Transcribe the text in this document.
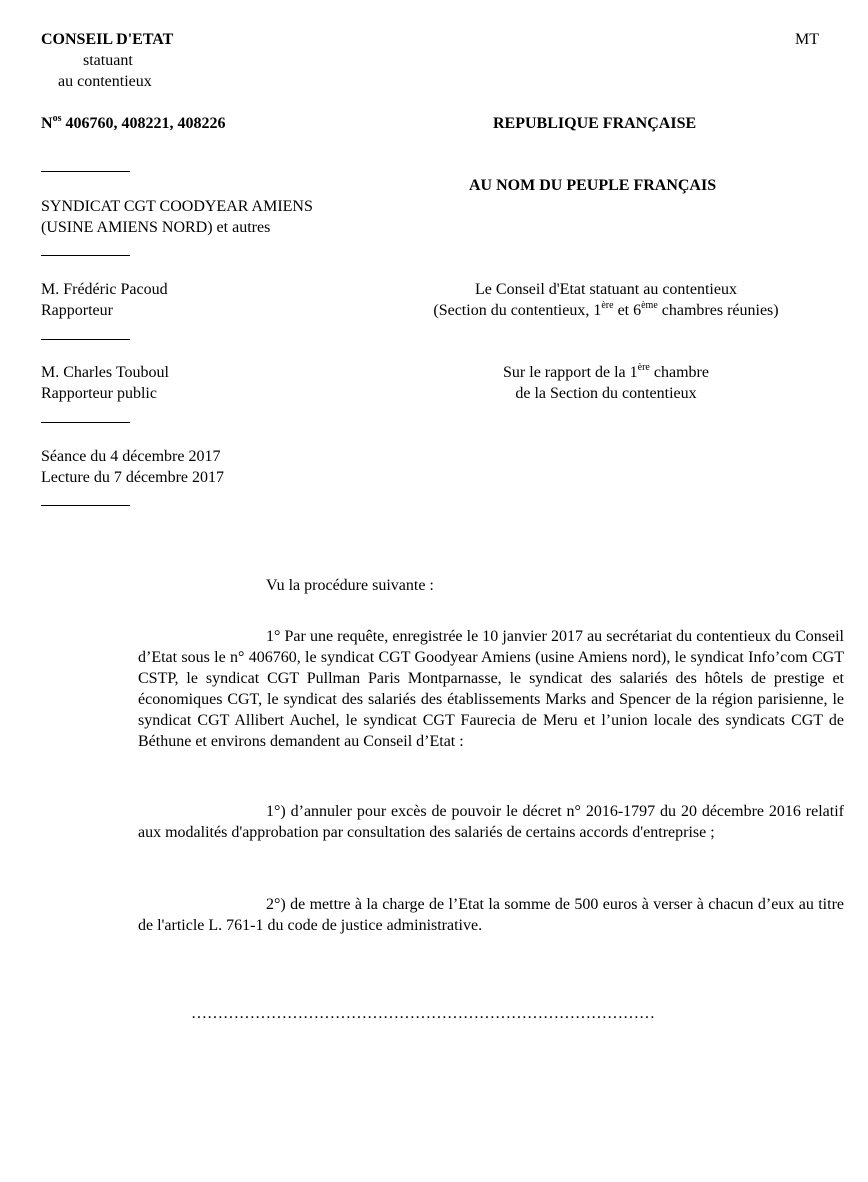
CONSEIL D'ETAT
statuant
au contentieux
MT
$N^{os}$ 406760, 408221, 408226	REPUBLIQUE FRANÇAISE
AU NOM DU PEUPLE FRANÇAIS
SYNDICAT CGT COODYEAR AMIENS
(USINE AMIENS NORD) et autres
M. Frédéric Pacoud
Rapporteur
Le Conseil d'Etat statuant au contentieux
(Section du contentieux, 1ère et 6ème chambres réunies)
M. Charles Touboul
Rapporteur public
Sur le rapport de la 1ère chambre
de la Section du contentieux
Séance du 4 décembre 2017
Lecture du 7 décembre 2017
Vu la procédure suivante :
1° Par une requête, enregistrée le 10 janvier 2017 au secrétariat du contentieux du Conseil d’Etat sous le n° 406760, le syndicat CGT Goodyear Amiens (usine Amiens nord), le syndicat Info’com CGT CSTP, le syndicat CGT Pullman Paris Montparnasse, le syndicat des salariés des hôtels de prestige et économiques CGT, le syndicat des salariés des établissements Marks and Spencer de la région parisienne, le syndicat CGT Allibert Auchel, le syndicat CGT Faurecia de Meru et l’union locale des syndicats CGT de Béthune et environs demandent au Conseil d’Etat :
1°) d’annuler pour excès de pouvoir le décret n° 2016-1797 du 20 décembre 2016 relatif aux modalités d'approbation par consultation des salariés de certains accords d'entreprise ;
2°) de mettre à la charge de l’Etat la somme de 500 euros à verser à chacun d’eux au titre de l'article L. 761-1 du code de justice administrative.
……………………………………………………………………………
